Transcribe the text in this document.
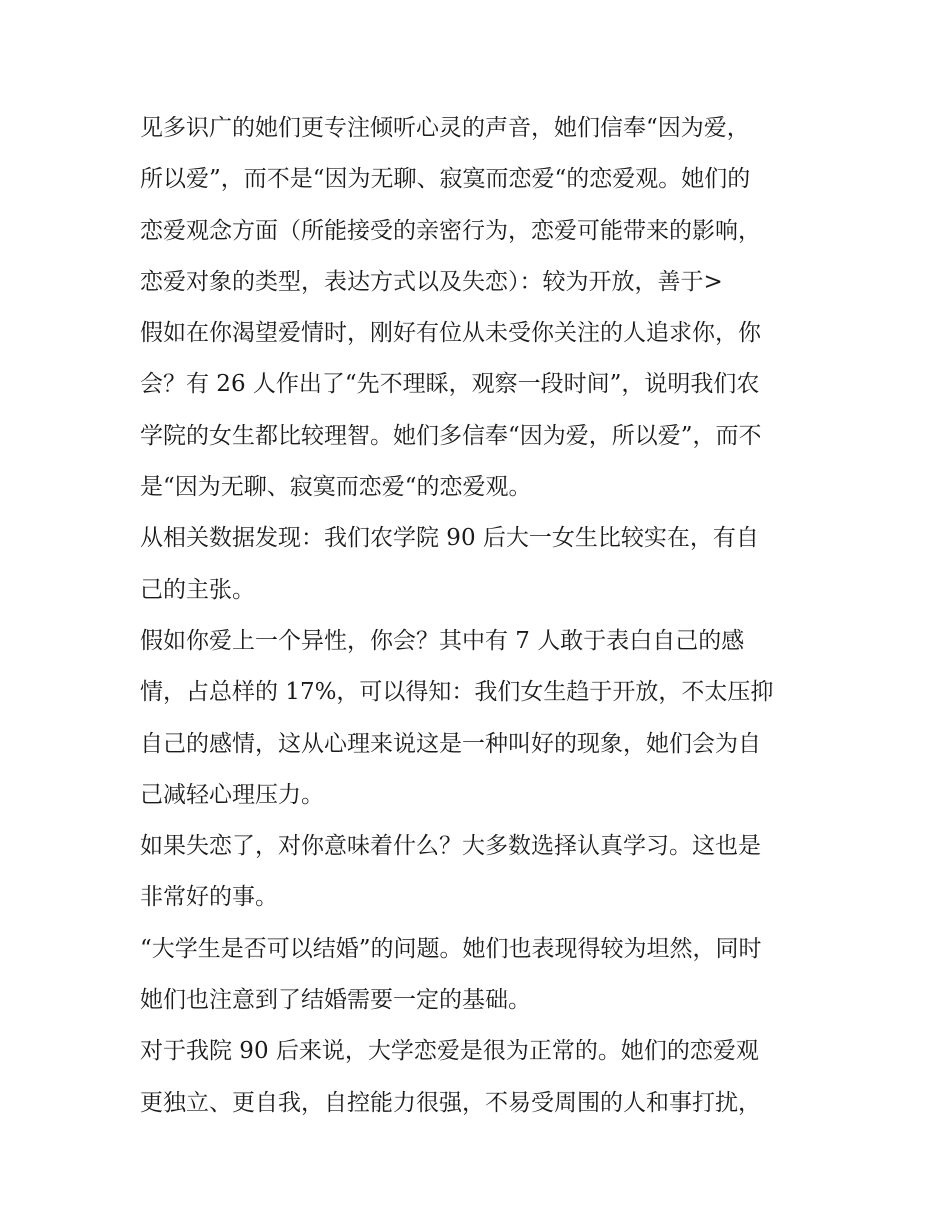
见多识广的她们更专注倾听心灵的声音，她们信奉“因为爱，
所以爱”，而不是“因为无聊、寂寞而恋爱“的恋爱观。她们的
恋爱观念方面（所能接受的亲密行为，恋爱可能带来的影响，
恋爱对象的类型，表达方式以及失恋）：较为开放，善于>
假如在你渴望爱情时，刚好有位从未受你关注的人追求你，你
会？有 26 人作出了“先不理睬，观察一段时间”，说明我们农
学院的女生都比较理智。她们多信奉“因为爱，所以爱”，而不
是“因为无聊、寂寞而恋爱“的恋爱观。
从相关数据发现：我们农学院 90 后大一女生比较实在，有自
己的主张。
假如你爱上一个异性，你会？其中有 7 人敢于表白自己的感
情，占总样的 17%，可以得知：我们女生趋于开放，不太压抑
自己的感情，这从心理来说这是一种叫好的现象，她们会为自
己减轻心理压力。
如果失恋了，对你意味着什么？大多数选择认真学习。这也是
非常好的事。
“大学生是否可以结婚”的问题。她们也表现得较为坦然，同时
她们也注意到了结婚需要一定的基础。
对于我院 90 后来说，大学恋爱是很为正常的。她们的恋爱观
更独立、更自我，自控能力很强，不易受周围的人和事打扰，
